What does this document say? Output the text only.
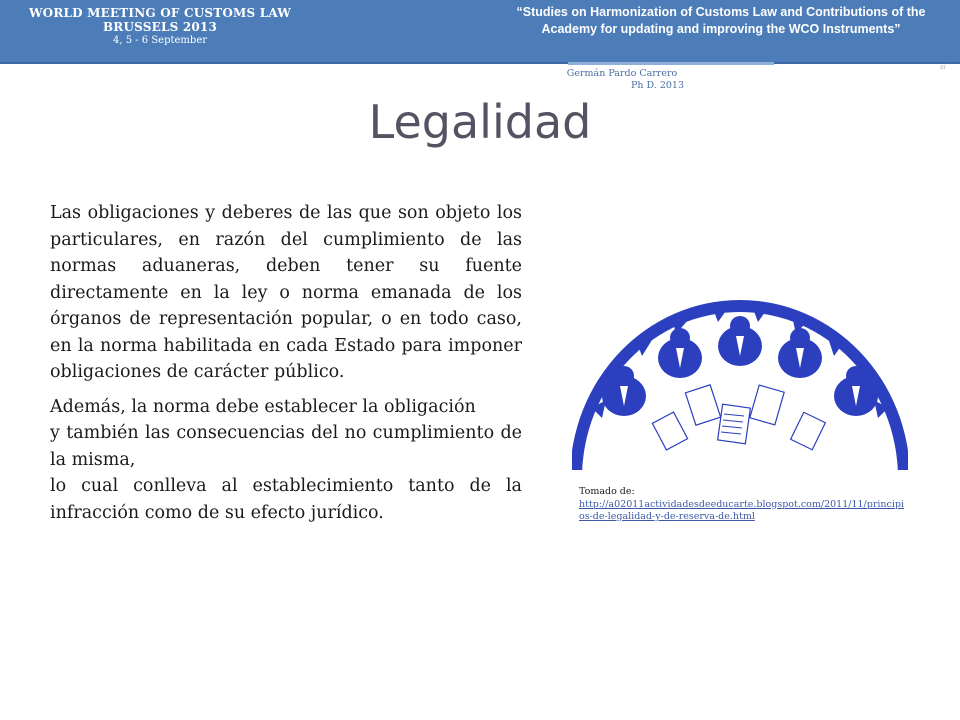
WORLD MEETING OF CUSTOMS LAW BRUSSELS 2013
4, 5 - 6 September
“Studies on Harmonization of Customs Law and Contributions of the Academy for updating and improving the WCO Instruments”
Germán Pardo Carrero
Ph D. 2013
㎡
Legalidad

Las obligaciones y deberes de las que son objeto los particulares, en razón del cumplimiento de las normas aduaneras, deben tener su fuente directamente en la ley o norma emanada de los órganos de representación popular, o en todo caso, en la norma habilitada en cada Estado para imponer obligaciones de carácter público.

Además, la norma debe establecer la obligación

y también las consecuencias del no cumplimiento de la misma,

lo cual conlleva al establecimiento tanto de la infracción como de su efecto jurídico.

Tomado de:
http://a02011actividadesdeeducarte.blogspot.com/2011/11/principios-de-legalidad-y-de-reserva-de.html
